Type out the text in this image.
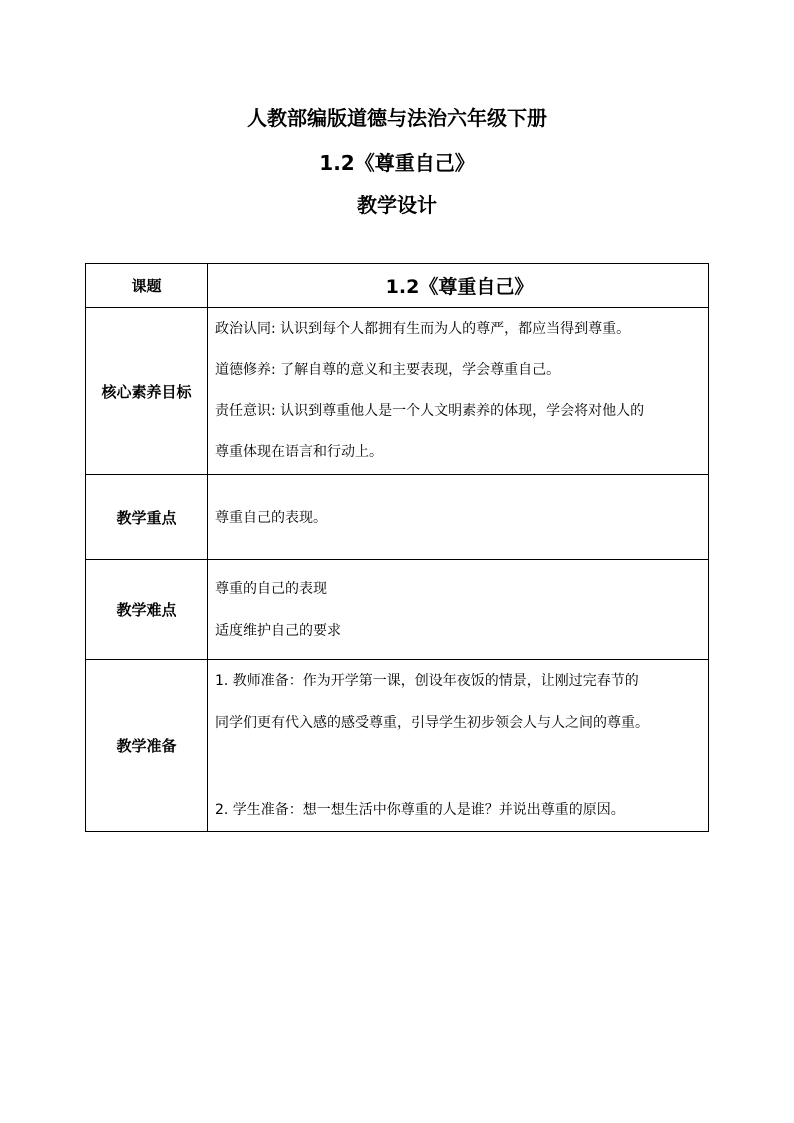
人教部编版道德与法治六年级下册

1.2《尊重自己》

教学设计

课题	1.2《尊重自己》
核心素养目标	政治认同: 认识到每个人都拥有生而为人的尊严，都应当得到尊重。
道德修养: 了解自尊的意义和主要表现，学会尊重自己。
责任意识: 认识到尊重他人是一个人文明素养的体现，学会将对他人的
尊重体现在语言和行动上。

教学重点	尊重自己的表现。

教学难点	尊重的自己的表现
适度维护自己的要求

教学准备	1. 教师准备：作为开学第一课，创设年夜饭的情景，让刚过完春节的
同学们更有代入感的感受尊重，引导学生初步领会人与人之间的尊重。
2. 学生准备：想一想生活中你尊重的人是谁？并说出尊重的原因。
